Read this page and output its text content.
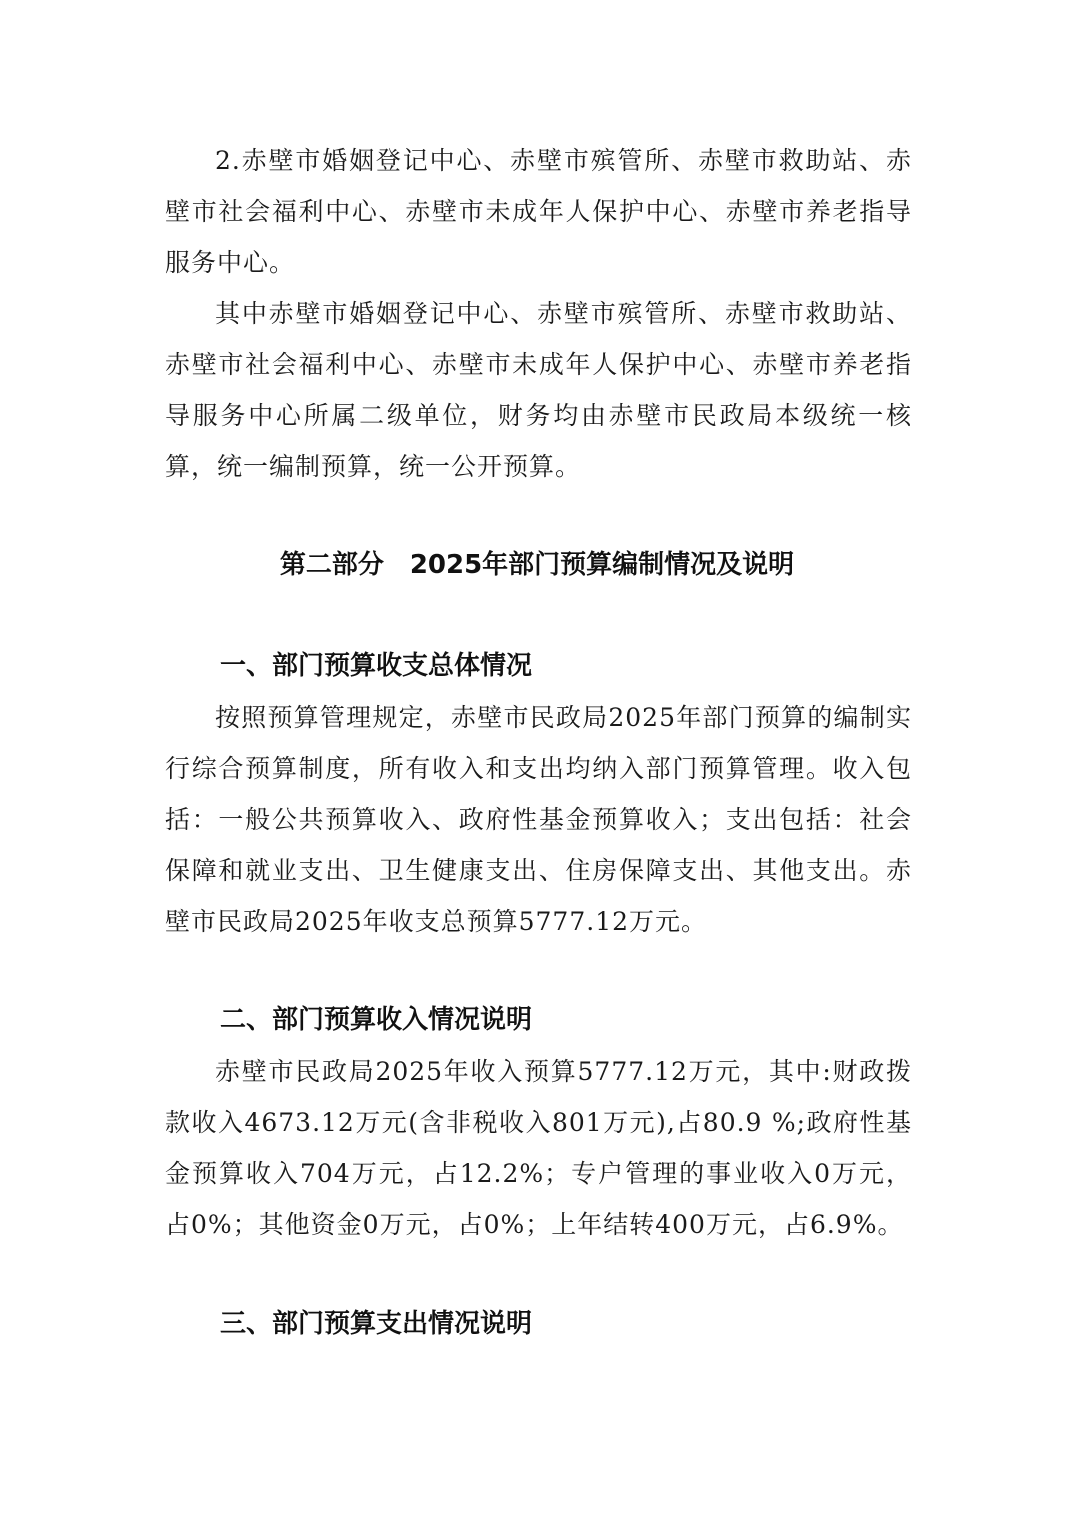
2.赤壁市婚姻登记中心、赤壁市殡管所、赤壁市救助站、赤壁市社会福利中心、赤壁市未成年人保护中心、赤壁市养老指导服务中心。

其中赤壁市婚姻登记中心、赤壁市殡管所、赤壁市救助站、赤壁市社会福利中心、赤壁市未成年人保护中心、赤壁市养老指导服务中心所属二级单位，财务均由赤壁市民政局本级统一核算，统一编制预算，统一公开预算。

第二部分　2025年部门预算编制情况及说明
一、部门预算收支总体情况

按照预算管理规定，赤壁市民政局2025年部门预算的编制实行综合预算制度，所有收入和支出均纳入部门预算管理。收入包括：一般公共预算收入、政府性基金预算收入；支出包括：社会保障和就业支出、卫生健康支出、住房保障支出、其他支出。赤壁市民政局2025年收支总预算5777.12万元。

二、部门预算收入情况说明

赤壁市民政局2025年收入预算5777.12万元，其中:财政拨款收入4673.12万元(含非税收入801万元),占80.9 %;政府性基金预算收入704万元，占12.2%；专户管理的事业收入0万元，占0%；其他资金0万元，占0%；上年结转400万元，占6.9%。

三、部门预算支出情况说明
